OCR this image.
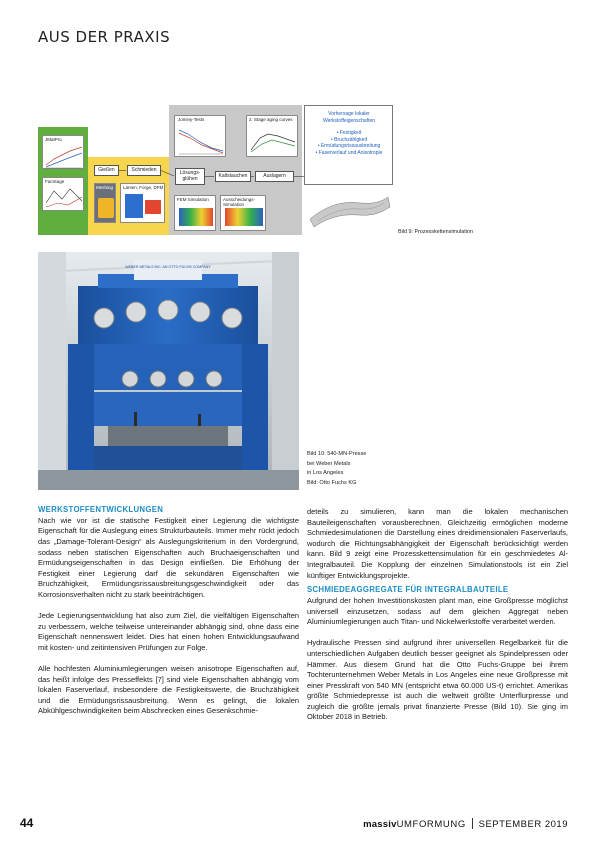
AUS DER PRAXIS
JMatPro
FactSage
Gießen	Schmieden
Meshing Larsen, Forge, DFM
Jominy-Tests	2. Stage aging curves
Lösungs-
glühen	Kaltstauchen
FEM Simulation	Ausscheidungs-Simulation
Auslagern
Vorhersage lokaler Werkstoffeigenschaften
• Festigkeit
• Bruchzähigkeit
• Ermüdungsrissausbreitung
• Faserverlauf und Anisotropie
Bild 9: Prozesskettensimulation
WEBER METALS INC. AN OTTO FUCHS COMPANY
Bild 10: 540-MN-Presse
bei Weber Metals
in Los Angeles
Bild: Otto Fuchs KG
WERKSTOFFENTWICKLUNGEN

Nach wie vor ist die statische Festigkeit einer Legierung die wichtigste Eigenschaft für die Auslegung eines Strukturbauteils. Immer mehr rückt jedoch das „Damage-Tolerant-Design“ als Auslegungskriterium in den Vordergrund, sodass neben statischen Eigenschaften auch Bruchaeigenschaften und Ermüdungseigenschaften in das Design einfließen. Die Erhöhung der Festigkeit einer Legierung darf die sekundären Eigenschaften wie Bruchzähigkeit, Ermüdungsrissausbreitungsgeschwindigkeit oder das Korrosionsverhalten nicht zu stark beeinträchtigen.

Jede Legierungsentwicklung hat also zum Ziel, die vielfältigen Eigenschaften zu verbessern, welche teilweise untereinander abhängig sind, ohne dass eine Eigenschaft nennenswert leidet. Dies hat einen hohen Entwicklungsaufwand mit kosten- und zeitintensiven Prüfungen zur Folge.

Alle hochfesten Aluminiumlegierungen weisen anisotrope Eigenschaften auf, das heißt infolge des Presseffekts [7] sind viele Eigenschaften abhängig vom lokalen Faserverlauf, insbesondere die Festigkeitswerte, die Bruchzähigkeit und die Ermüdungsrissausbreitung. Wenn es gelingt, die lokalen Abkühlgeschwindigkeiten beim Abschrecken eines Gesenkschmie-

deteils zu simulieren, kann man die lokalen mechanischen Bauteileigenschaften vorausberechnen. Gleichzeitig ermöglichen moderne Schmiedesimulationen die Darstellung eines dreidimensionalen Faserverlaufs, wodurch die Richtungsabhängigkeit der Eigenschaft berücksichtigt werden kann. Bild 9 zeigt eine Prozesskettensimulation für ein geschmiedetes Al-Integralbauteil. Die Kopplung der einzelnen Simulationstools ist ein Ziel künftiger Entwicklungsprojekte.

SCHMIEDEAGGREGATE FÜR INTEGRALBAUTEILE

Aufgrund der hohen Investitionskosten plant man, eine Großpresse möglichst universell einzusetzen, sodass auf dem gleichen Aggregat neben Aluminiumlegierungen auch Titan- und Nickelwerkstoffe verarbeitet werden.

Hydraulische Pressen sind aufgrund ihrer universellen Regelbarkeit für die unterschiedlichen Aufgaben deutlich besser geeignet als Spindelpressen oder Hämmer. Aus diesem Grund hat die Otto Fuchs-Gruppe bei ihrem Tochterunternehmen Weber Metals in Los Angeles eine neue Großpresse mit einer Presskraft von 540 MN (entspricht etwa 60.000 US-t) errichtet. Amerikas größte Schmiedepresse ist auch die weltweit größte Unterflurpresse und zugleich die größte jemals privat finanzierte Presse (Bild 10). Sie ging im Oktober 2018 in Betrieb.

44	massivUMFORMUNG SEPTEMBER 2019
